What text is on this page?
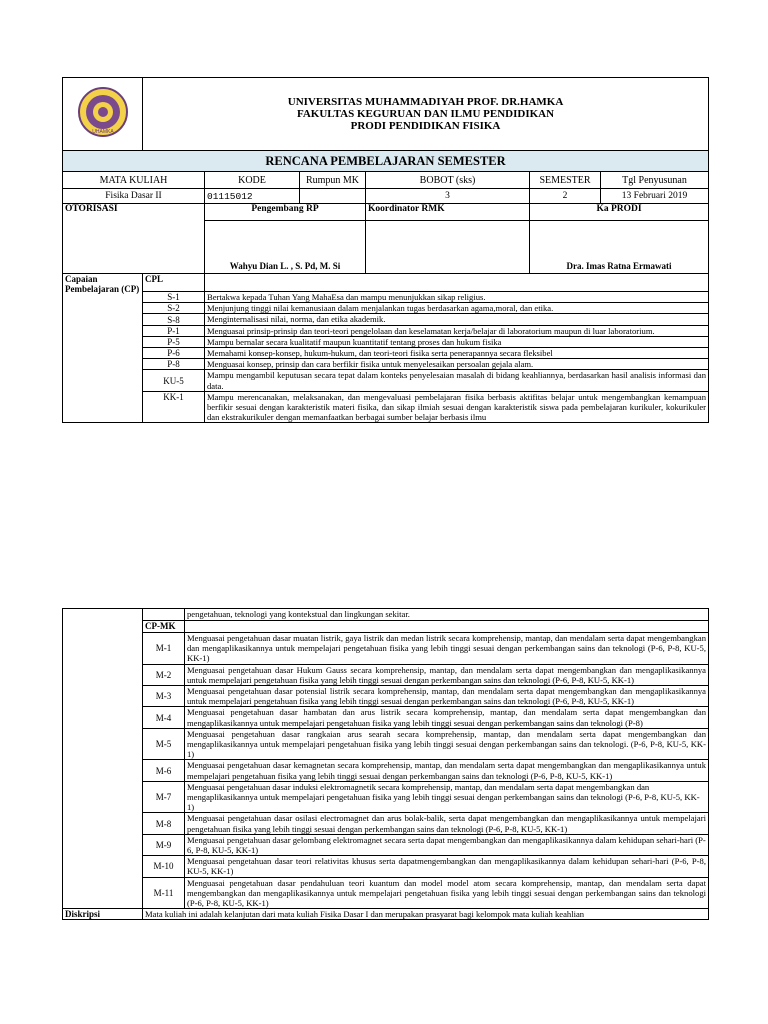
UHAMKA	UNIVERSITAS MUHAMMADIYAH PROF. DR.HAMKA
FAKULTAS KEGURUAN DAN ILMU PENDIDIKAN
PRODI PENDIDIKAN FISIKA					

RENCANA PEMBELAJARAN SEMESTER						
MATA KULIAH		KODE	Rumpun MK	BOBOT (sks)	SEMESTER	Tgl Penyusunan
Fisika Dasar II		01115012		3	2	13 Februari 2019
OTORISASI		Pengembang RP		Koordinator RMK	Ka PRODI	
		Wahyu Dian L. , S. Pd, M. Si			Dra. Imas Ratna Ermawati	
Capaian Pembelajaran (CP)	CPL					
	S-1	Bertakwa kepada Tuhan Yang MahaEsa dan mampu menunjukkan sikap religius.				
	S-2	Menjunjung tinggi nilai kemanusiaan dalam menjalankan tugas berdasarkan agama,moral, dan etika.				
	S-8	Menginternalisasi nilai, norma, dan etika akademik.				
	P-1	Menguasai prinsip-prinsip dan teori-teori pengelolaan dan keselamatan kerja/belajar di laboratorium maupun di luar laboratorium.				
	P-5	Mampu bernalar secara kualitatif maupun kuantitatif tentang proses dan hukum fisika				
	P-6	Memahami konsep-konsep, hukum-hukum, dan teori-teori fisika serta penerapannya secara fleksibel				
	P-8	Menguasai konsep, prinsip dan cara berfikir fisika untuk menyelesaikan persoalan gejala alam.				
	KU-5	Mampu mengambil keputusan secara tepat dalam konteks penyelesaian masalah di bidang keahliannya, berdasarkan hasil analisis informasi dan data.				
	KK-1	Mampu merencanakan, melaksanakan, dan mengevaluasi pembelajaran fisika berbasis aktifitas belajar untuk mengembangkan kemampuan berfikir sesuai dengan karakteristik materi fisika, dan sikap ilmiah sesuai dengan karakteristik siswa pada pembelajaran kurikuler, kokurikuler dan ekstrakurikuler dengan memanfaatkan berbagai sumber belajar berbasis ilmu				
		pengetahuan, teknologi yang kontekstual dan lingkungan sekitar.
	CP-MK	
	M-1	Menguasai pengetahuan dasar muatan listrik, gaya listrik dan medan listrik secara komprehensip, mantap, dan mendalam serta dapat mengembangkan dan mengaplikasikannya untuk mempelajari pengetahuan fisika yang lebih tinggi sesuai dengan perkembangan sains dan teknologi (P-6, P-8, KU-5, KK-1)
	M-2	Menguasai pengetahuan dasar Hukum Gauss secara komprehensip, mantap, dan mendalam serta dapat mengembangkan dan mengaplikasikannya untuk mempelajari pengetahuan fisika yang lebih tinggi sesuai dengan perkembangan sains dan teknologi (P-6, P-8, KU-5, KK-1)
	M-3	Menguasai pengetahuan dasar potensial listrik secara komprehensip, mantap, dan mendalam serta dapat mengembangkan dan mengaplikasikannya untuk mempelajari pengetahuan fisika yang lebih tinggi sesuai dengan perkembangan sains dan teknologi (P-6, P-8, KU-5, KK-1)
	M-4	Menguasai pengetahuan dasar hambatan dan arus listrik secara komprehensip, mantap, dan mendalam serta dapat mengembangkan dan mengaplikasikannya untuk mempelajari pengetahuan fisika yang lebih tinggi sesuai dengan perkembangan sains dan teknologi (P-8)
	M-5	Menguasai pengetahuan dasar rangkaian arus searah secara komprehensip, mantap, dan mendalam serta dapat mengembangkan dan mengaplikasikannya untuk mempelajari pengetahuan fisika yang lebih tinggi sesuai dengan perkembangan sains dan teknologi. (P-6, P-8, KU-5, KK-1)
	M-6	Menguasai pengetahuan dasar kemagnetan secara komprehensip, mantap, dan mendalam serta dapat mengembangkan dan mengaplikasikannya untuk mempelajari pengetahuan fisika yang lebih tinggi sesuai dengan perkembangan sains dan teknologi (P-6, P-8, KU-5, KK-1)
	M-7	Menguasai pengetahuan dasar induksi elektromagnetik secara komprehensip, mantap, dan mendalam serta dapat mengembangkan dan mengaplikasikannya untuk mempelajari pengetahuan fisika yang lebih tinggi sesuai dengan perkembangan sains dan teknologi (P-6, P-8, KU-5, KK-1)
	M-8	Menguasai pengetahuan dasar osilasi electromagnet dan arus bolak-balik, serta dapat mengembangkan dan mengaplikasikannya untuk mempelajari pengetahuan fisika yang lebih tinggi sesuai dengan perkembangan sains dan teknologi (P-6, P-8, KU-5, KK-1)
	M-9	Menguasai pengetahuan dasar gelombang elektromagnet secara serta dapat mengembangkan dan mengaplikasikannya dalam kehidupan sehari-hari (P-6, P-8, KU-5, KK-1)
	M-10	Menguasai pengetahuan dasar teori relativitas khusus serta dapatmengembangkan dan mengaplikasikannya dalam kehidupan sehari-hari (P-6, P-8, KU-5, KK-1)
	M-11	Menguasai pengetahuan dasar pendahuluan teori kuantum dan model model atom secara komprehensip, mantap, dan mendalam serta dapat mengembangkan dan mengaplikasikannya untuk mempelajari pengetahuan fisika yang lebih tinggi sesuai dengan perkembangan sains dan teknologi (P-6, P-8, KU-5, KK-1)
Diskripsi	Mata kuliah ini adalah kelanjutan dari mata kuliah Fisika Dasar I dan merupakan prasyarat bagi kelompok mata kuliah keahlian	
